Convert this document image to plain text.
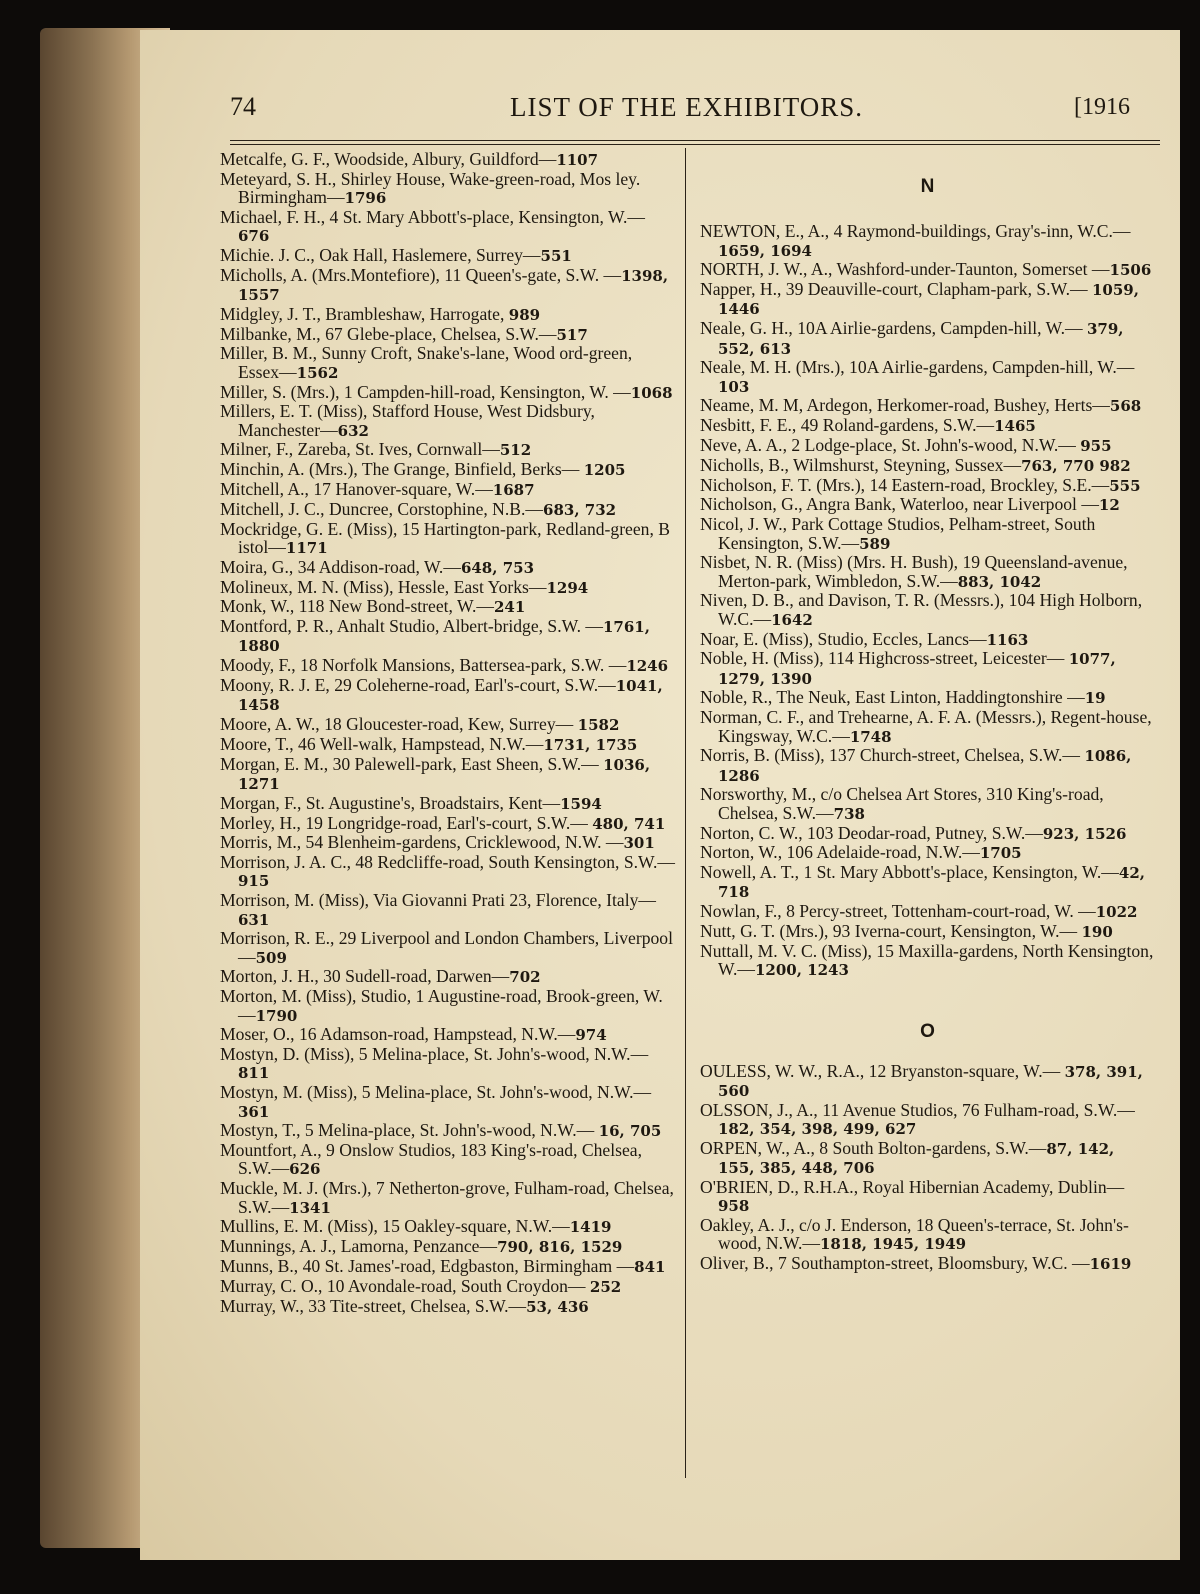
74	LIST OF THE EXHIBITORS.	[1916
Metcalfe, G. F., Woodside, Albury, Guildford—1107
Meteyard, S. H., Shirley House, Wake-green-road, Mos ley. Birmingham—1796
Michael, F. H., 4 St. Mary Abbott's-place, Kensington, W.—676
Michie. J. C., Oak Hall, Haslemere, Surrey—551
Micholls, A. (Mrs.Montefiore), 11 Queen's-gate, S.W. —1398, 1557
Midgley, J. T., Brambleshaw, Harrogate, 989
Milbanke, M., 67 Glebe-place, Chelsea, S.W.—517
Miller, B. M., Sunny Croft, Snake's-lane, Wood ord-green, Essex—1562
Miller, S. (Mrs.), 1 Campden-hill-road, Kensington, W. —1068
Millers, E. T. (Miss), Stafford House, West Didsbury, Manchester—632
Milner, F., Zareba, St. Ives, Cornwall—512
Minchin, A. (Mrs.), The Grange, Binfield, Berks— 1205
Mitchell, A., 17 Hanover-square, W.—1687
Mitchell, J. C., Duncree, Corstophine, N.B.—683, 732
Mockridge, G. E. (Miss), 15 Hartington-park, Redland-green, B istol—1171
Moira, G., 34 Addison-road, W.—648, 753
Molineux, M. N. (Miss), Hessle, East Yorks—1294
Monk, W., 118 New Bond-street, W.—241
Montford, P. R., Anhalt Studio, Albert-bridge, S.W. —1761, 1880
Moody, F., 18 Norfolk Mansions, Battersea-park, S.W. —1246
Moony, R. J. E, 29 Coleherne-road, Earl's-court, S.W.—1041, 1458
Moore, A. W., 18 Gloucester-road, Kew, Surrey— 1582
Moore, T., 46 Well-walk, Hampstead, N.W.—1731, 1735
Morgan, E. M., 30 Palewell-park, East Sheen, S.W.— 1036, 1271
Morgan, F., St. Augustine's, Broadstairs, Kent—1594
Morley, H., 19 Longridge-road, Earl's-court, S.W.— 480, 741
Morris, M., 54 Blenheim-gardens, Cricklewood, N.W. —301
Morrison, J. A. C., 48 Redcliffe-road, South Kensington, S.W.—915
Morrison, M. (Miss), Via Giovanni Prati 23, Florence, Italy—631
Morrison, R. E., 29 Liverpool and London Chambers, Liverpool—509
Morton, J. H., 30 Sudell-road, Darwen—702
Morton, M. (Miss), Studio, 1 Augustine-road, Brook-green, W.—1790
Moser, O., 16 Adamson-road, Hampstead, N.W.—974
Mostyn, D. (Miss), 5 Melina-place, St. John's-wood, N.W.—811
Mostyn, M. (Miss), 5 Melina-place, St. John's-wood, N.W.—361
Mostyn, T., 5 Melina-place, St. John's-wood, N.W.— 16, 705
Mountfort, A., 9 Onslow Studios, 183 King's-road, Chelsea, S.W.—626
Muckle, M. J. (Mrs.), 7 Netherton-grove, Fulham-road, Chelsea, S.W.—1341
Mullins, E. M. (Miss), 15 Oakley-square, N.W.—1419
Munnings, A. J., Lamorna, Penzance—790, 816, 1529
Munns, B., 40 St. James'-road, Edgbaston, Birmingham —841
Murray, C. O., 10 Avondale-road, South Croydon— 252
Murray, W., 33 Tite-street, Chelsea, S.W.—53, 436
N
NEWTON, E., A., 4 Raymond-buildings, Gray's-inn, W.C.—1659, 1694
NORTH, J. W., A., Washford-under-Taunton, Somerset —1506
Napper, H., 39 Deauville-court, Clapham-park, S.W.— 1059, 1446
Neale, G. H., 10A Airlie-gardens, Campden-hill, W.— 379, 552, 613
Neale, M. H. (Mrs.), 10A Airlie-gardens, Campden-hill, W.—103
Neame, M. M, Ardegon, Herkomer-road, Bushey, Herts—568
Nesbitt, F. E., 49 Roland-gardens, S.W.—1465
Neve, A. A., 2 Lodge-place, St. John's-wood, N.W.— 955
Nicholls, B., Wilmshurst, Steyning, Sussex—763, 770 982
Nicholson, F. T. (Mrs.), 14 Eastern-road, Brockley, S.E.—555
Nicholson, G., Angra Bank, Waterloo, near Liverpool —12
Nicol, J. W., Park Cottage Studios, Pelham-street, South Kensington, S.W.—589
Nisbet, N. R. (Miss) (Mrs. H. Bush), 19 Queensland-avenue, Merton-park, Wimbledon, S.W.—883, 1042
Niven, D. B., and Davison, T. R. (Messrs.), 104 High Holborn, W.C.—1642
Noar, E. (Miss), Studio, Eccles, Lancs—1163
Noble, H. (Miss), 114 Highcross-street, Leicester— 1077, 1279, 1390
Noble, R., The Neuk, East Linton, Haddingtonshire —19
Norman, C. F., and Trehearne, A. F. A. (Messrs.), Regent-house, Kingsway, W.C.—1748
Norris, B. (Miss), 137 Church-street, Chelsea, S.W.— 1086, 1286
Norsworthy, M., c/o Chelsea Art Stores, 310 King's-road, Chelsea, S.W.—738
Norton, C. W., 103 Deodar-road, Putney, S.W.—923, 1526
Norton, W., 106 Adelaide-road, N.W.—1705
Nowell, A. T., 1 St. Mary Abbott's-place, Kensington, W.—42, 718
Nowlan, F., 8 Percy-street, Tottenham-court-road, W. —1022
Nutt, G. T. (Mrs.), 93 Iverna-court, Kensington, W.— 190
Nuttall, M. V. C. (Miss), 15 Maxilla-gardens, North Kensington, W.—1200, 1243
O
OULESS, W. W., R.A., 12 Bryanston-square, W.— 378, 391, 560
OLSSON, J., A., 11 Avenue Studios, 76 Fulham-road, S.W.—182, 354, 398, 499, 627
ORPEN, W., A., 8 South Bolton-gardens, S.W.—87, 142, 155, 385, 448, 706
O'BRIEN, D., R.H.A., Royal Hibernian Academy, Dublin—958
Oakley, A. J., c/o J. Enderson, 18 Queen's-terrace, St. John's-wood, N.W.—1818, 1945, 1949
Oliver, B., 7 Southampton-street, Bloomsbury, W.C. —1619
